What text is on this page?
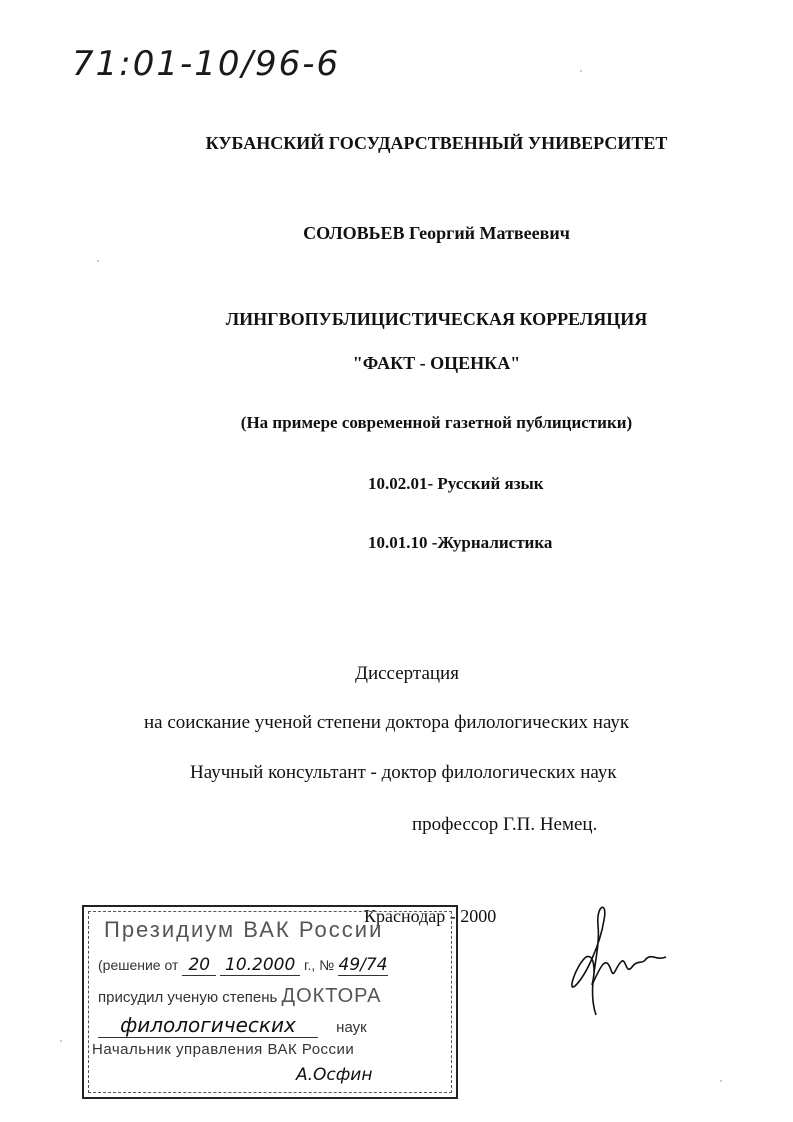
71:01-10/96-6
КУБАНСКИЙ ГОСУДАРСТВЕННЫЙ УНИВЕРСИТЕТ
СОЛОВЬЕВ Георгий Матвеевич
ЛИНГВОПУБЛИЦИСТИЧЕСКАЯ КОРРЕЛЯЦИЯ
"ФАКТ - ОЦЕНКА"
(На примере современной газетной публицистики)
10.02.01- Русский язык
10.01.10 -Журналистика
Диссертация
на соискание ученой степени доктора филологических наук
Научный консультант - доктор филологических наук
профессор Г.П. Немец.
Краснодар - 2000
Президиум ВАК России
(решение от 20 10.2000 г., № 49/74
присудил ученую степень ДОКТОРА
филологических	наук
Начальник управления ВАК России
А.Осфин
